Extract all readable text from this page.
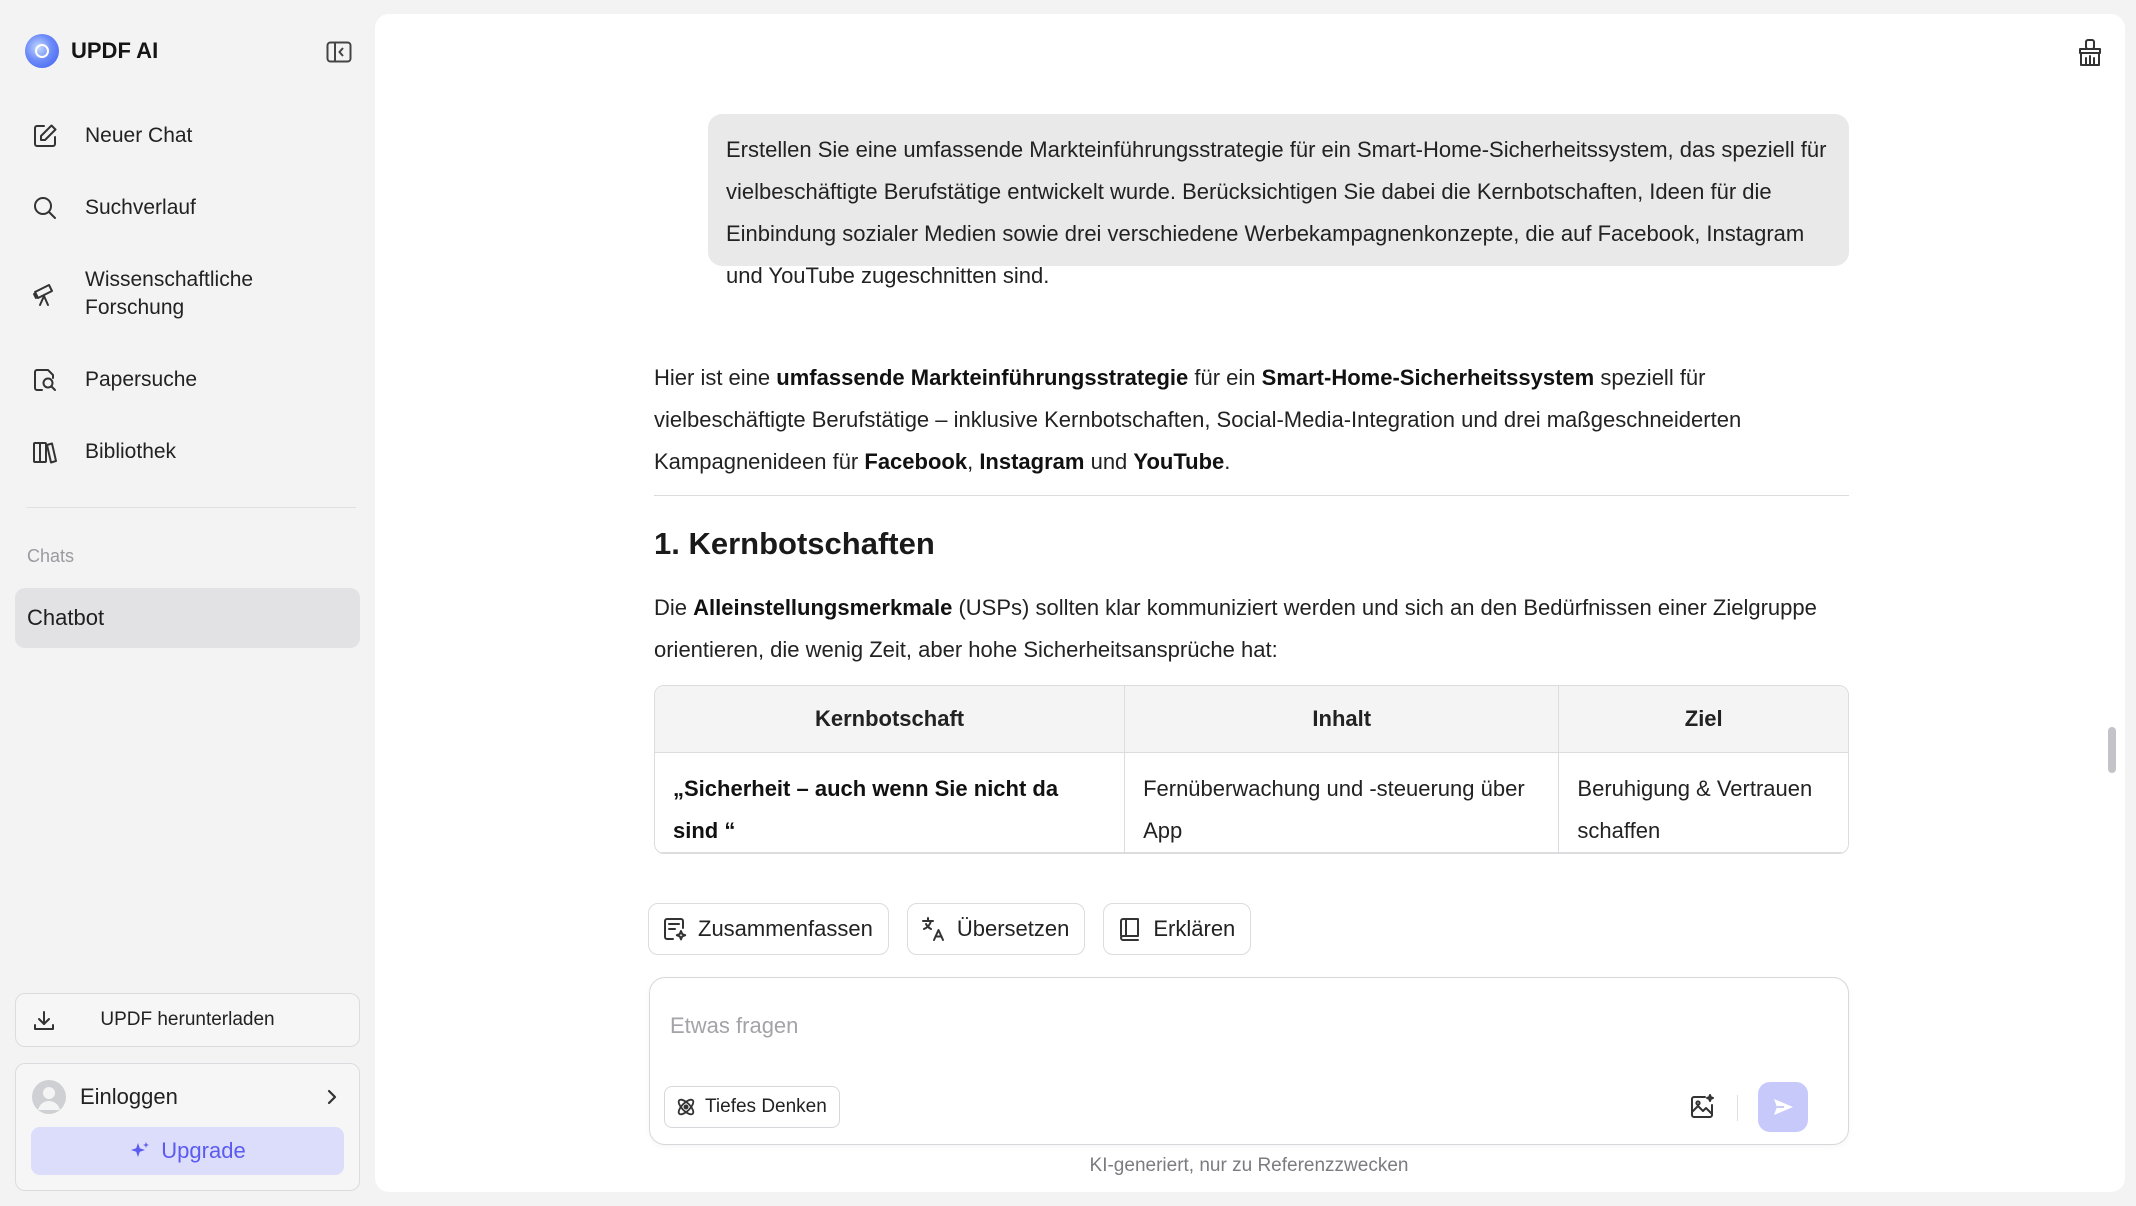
UPDF AI
Neuer Chat
Suchverlauf
Wissenschaftliche Forschung
Papersuche
Bibliothek
Chats
Chatbot
UPDF herunterladen
Einloggen
Upgrade
Erstellen Sie eine umfassende Markteinführungsstrategie für ein Smart-Home-Sicherheitssystem, das speziell für vielbeschäftigte Berufstätige entwickelt wurde. Berücksichtigen Sie dabei die Kernbotschaften, Ideen für die Einbindung sozialer Medien sowie drei verschiedene Werbekampagnenkonzepte, die auf Facebook, Instagram und YouTube zugeschnitten sind.
Hier ist eine umfassende Markteinführungsstrategie für ein Smart-Home-Sicherheitssystem speziell für vielbeschäftigte Berufstätige – inklusive Kernbotschaften, Social-Media-Integration und drei maßgeschneiderten Kampagnenideen für Facebook, Instagram und YouTube.
1. Kernbotschaften
Die Alleinstellungsmerkmale (USPs) sollten klar kommuniziert werden und sich an den Bedürfnissen einer Zielgruppe orientieren, die wenig Zeit, aber hohe Sicherheitsansprüche hat:
Kernbotschaft	Inhalt	Ziel
„Sicherheit – auch wenn Sie nicht da sind “	Fernüberwachung und -steuerung über App	Beruhigung & Vertrauen schaffen
Zusammenfassen	Übersetzen	Erklären
Etwas fragen
Tiefes Denken
KI-generiert, nur zu Referenzzwecken
